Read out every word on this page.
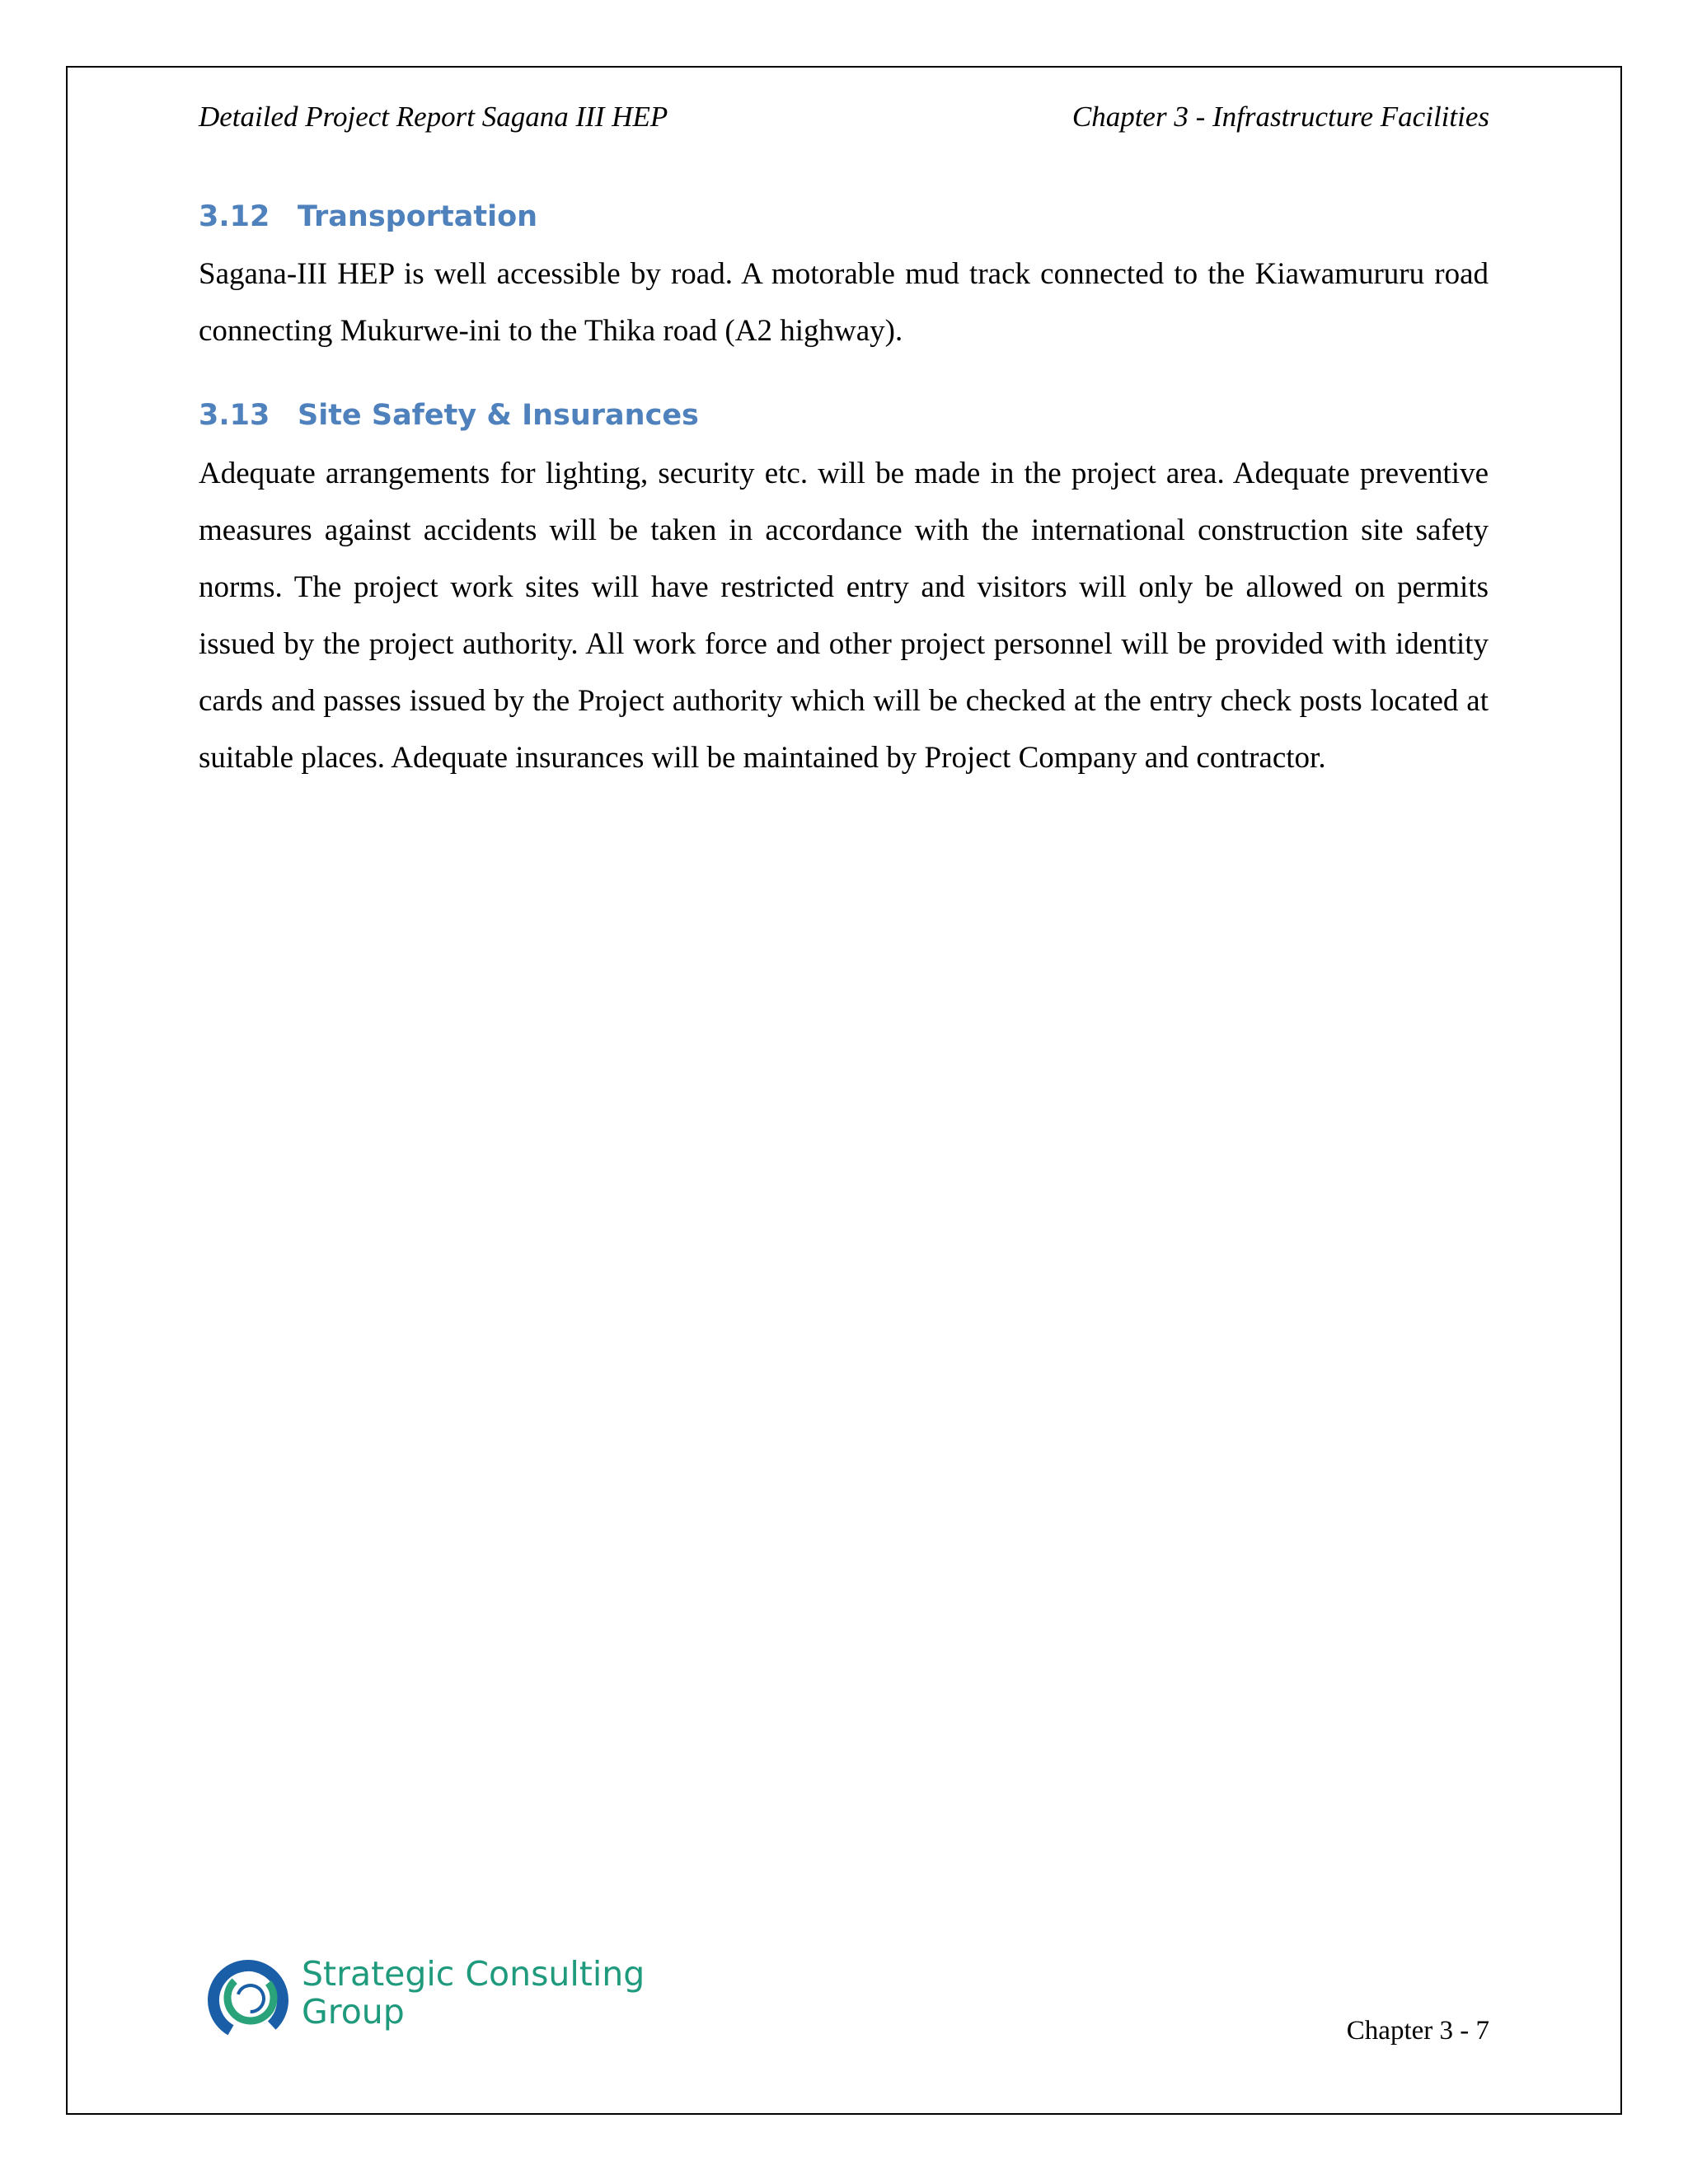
Detailed Project Report Sagana III HEP	Chapter 3 - Infrastructure Facilities
3.12 Transportation
Sagana-III HEP is well accessible by road. A motorable mud track connected to the Kiawamururu road connecting Mukurwe-ini to the Thika road (A2 highway).
3.13 Site Safety & Insurances
Adequate arrangements for lighting, security etc. will be made in the project area. Adequate preventive measures against accidents will be taken in accordance with the international construction site safety norms. The project work sites will have restricted entry and visitors will only be allowed on permits issued by the project authority. All work force and other project personnel will be provided with identity cards and passes issued by the Project authority which will be checked at the entry check posts located at suitable places. Adequate insurances will be maintained by Project Company and contractor.
Strategic Consulting
Group	Chapter 3 - 7
